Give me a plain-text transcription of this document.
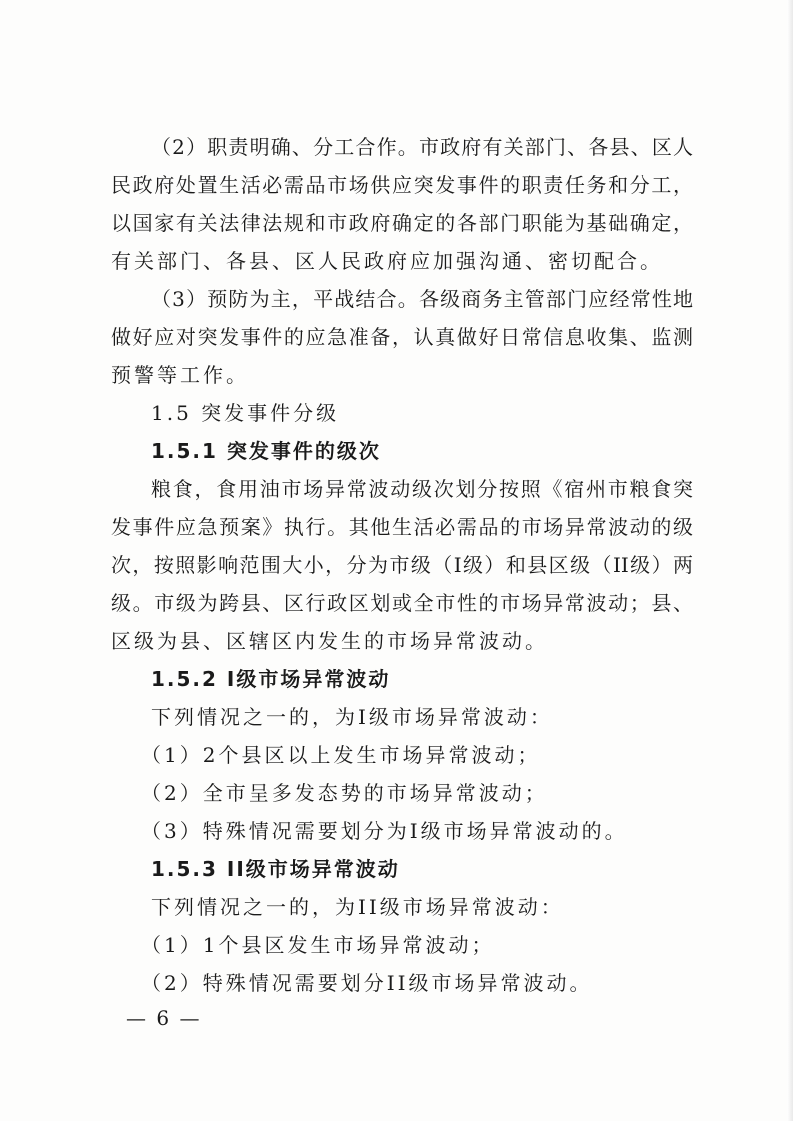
（2）职责明确、分工合作。市政府有关部门、各县、区人
民政府处置生活必需品市场供应突发事件的职责任务和分工，
以国家有关法律法规和市政府确定的各部门职能为基础确定，
有关部门、各县、区人民政府应加强沟通、密切配合。
（3）预防为主，平战结合。各级商务主管部门应经常性地
做好应对突发事件的应急准备，认真做好日常信息收集、监测
预警等工作。
1.5 突发事件分级
1.5.1 突发事件的级次
粮食，食用油市场异常波动级次划分按照《宿州市粮食突
发事件应急预案》执行。其他生活必需品的市场异常波动的级
次，按照影响范围大小，分为市级（I级）和县区级（II级）两
级。市级为跨县、区行政区划或全市性的市场异常波动；县、
区级为县、区辖区内发生的市场异常波动。
1.5.2 I级市场异常波动
下列情况之一的，为I级市场异常波动：
（1）2个县区以上发生市场异常波动；
（2）全市呈多发态势的市场异常波动；
（3）特殊情况需要划分为I级市场异常波动的。
1.5.3 II级市场异常波动
下列情况之一的，为II级市场异常波动：
（1）1个县区发生市场异常波动；
（2）特殊情况需要划分II级市场异常波动。
— 6 —
